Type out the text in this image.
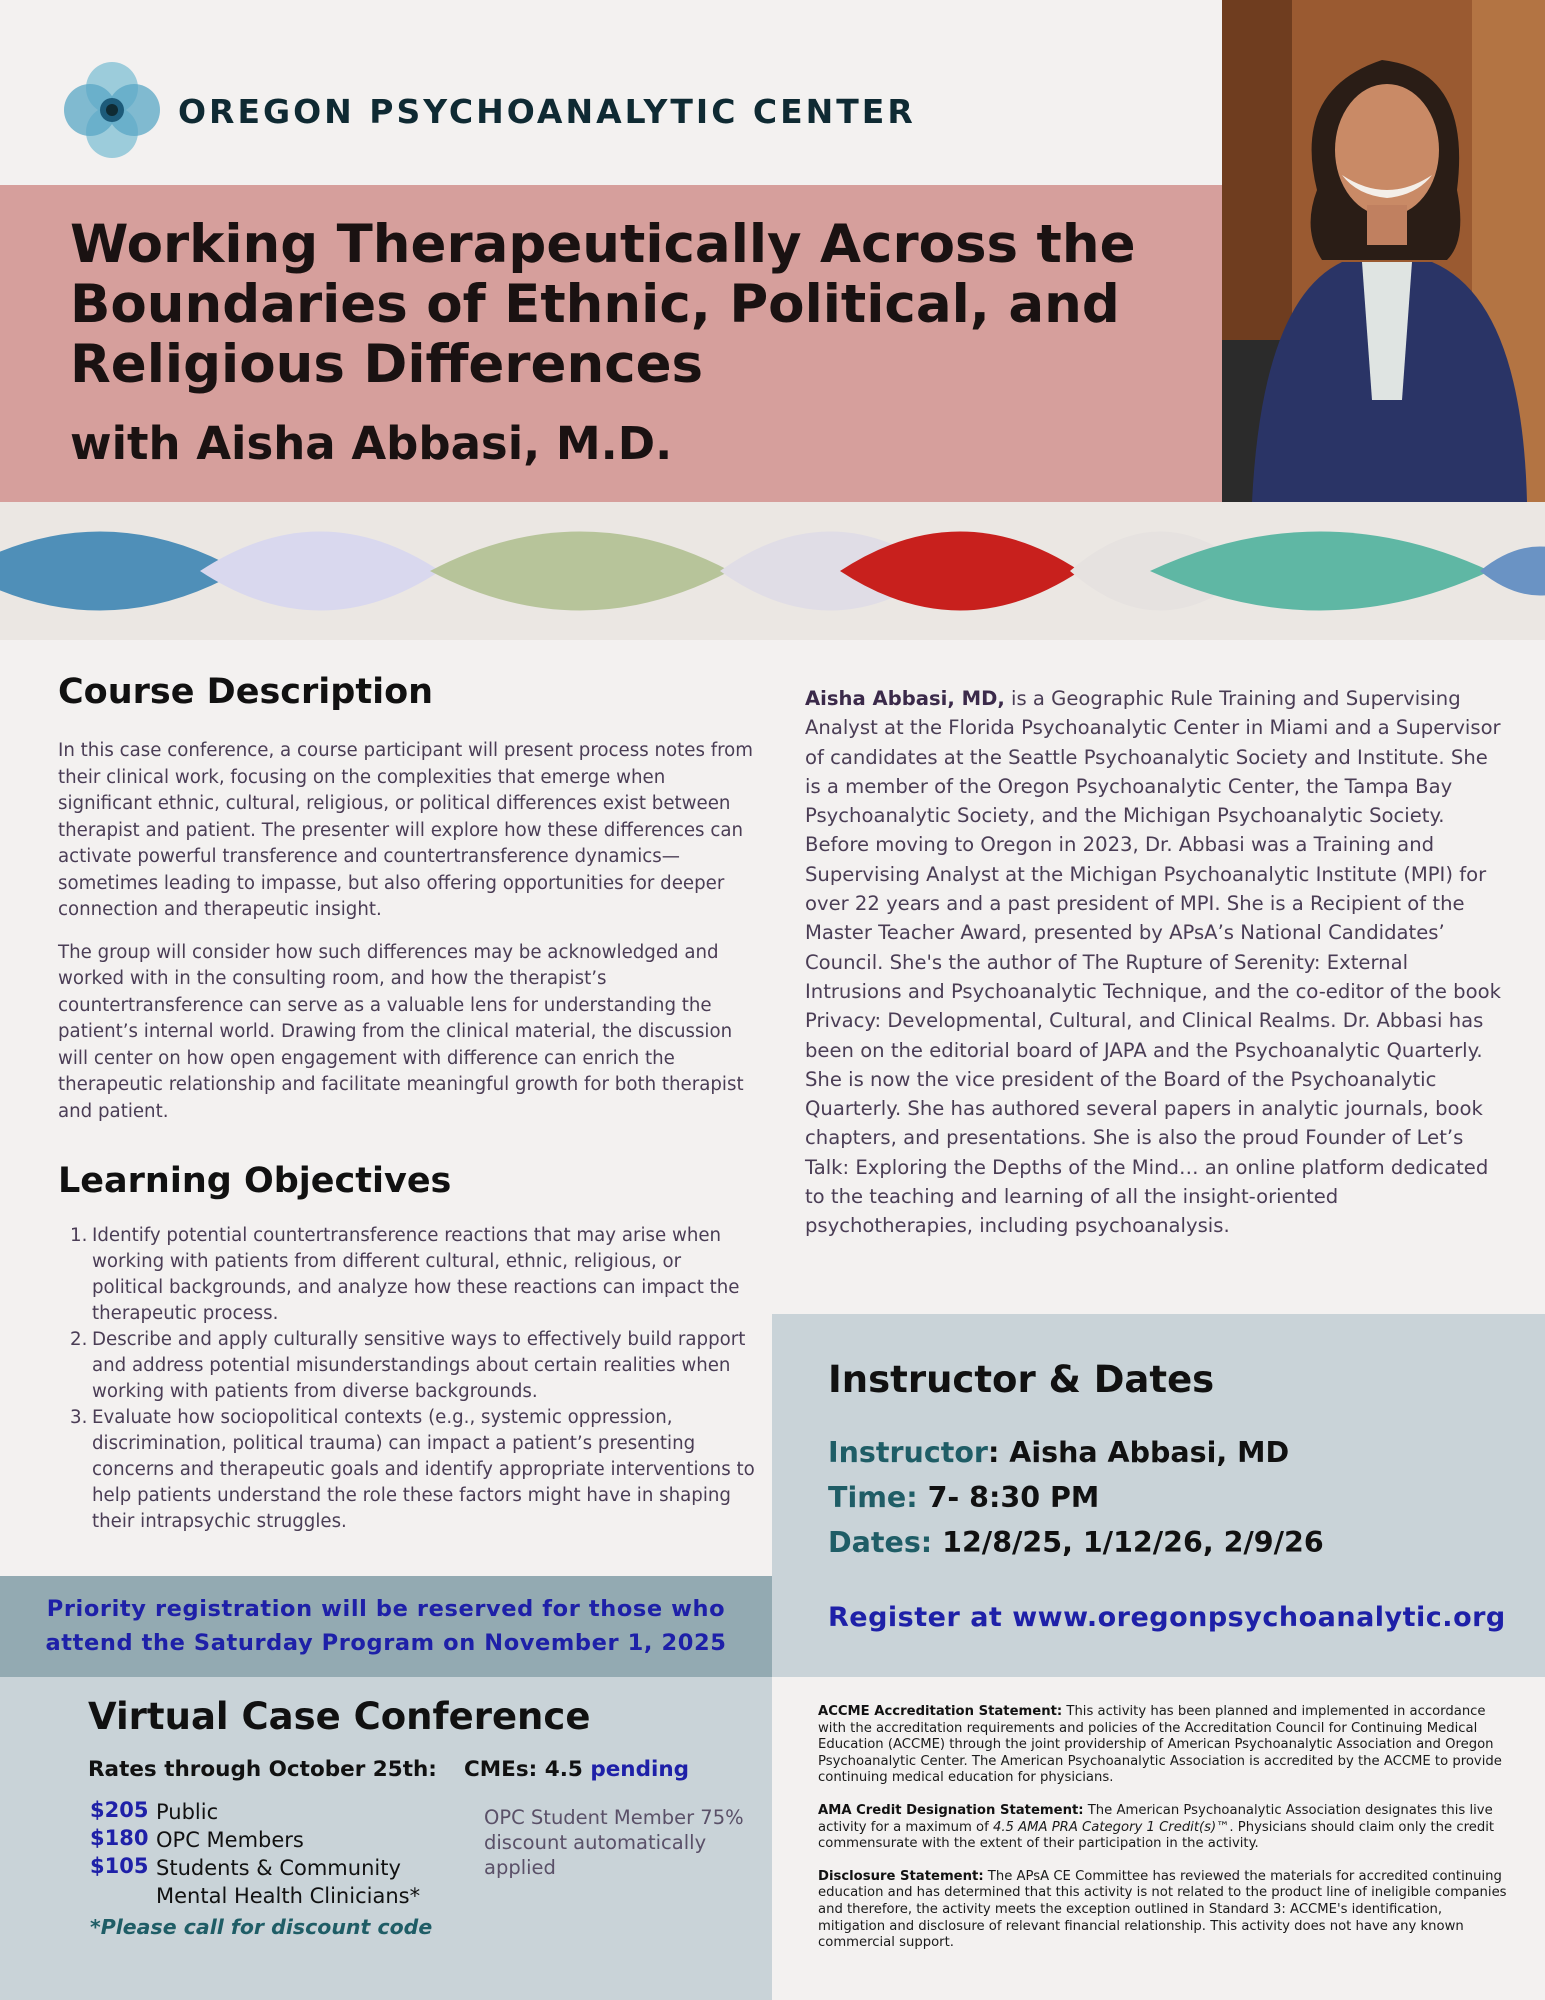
OREGON PSYCHOANALYTIC CENTER
Working Therapeutically Across the Boundaries of Ethnic, Political, and Religious Differences
with Aisha Abbasi, M.D.
Course Description

In this case conference, a course participant will present process notes from their clinical work, focusing on the complexities that emerge when significant ethnic, cultural, religious, or political differences exist between therapist and patient. The presenter will explore how these differences can activate powerful transference and countertransference dynamics—sometimes leading to impasse, but also offering opportunities for deeper connection and therapeutic insight.

The group will consider how such differences may be acknowledged and worked with in the consulting room, and how the therapist’s countertransference can serve as a valuable lens for understanding the patient’s internal world. Drawing from the clinical material, the discussion will center on how open engagement with difference can enrich the therapeutic relationship and facilitate meaningful growth for both therapist and patient.

Learning Objectives
1. Identify potential countertransference reactions that may arise when working with patients from different cultural, ethnic, religious, or political backgrounds, and analyze how these reactions can impact the therapeutic process.
2. Describe and apply culturally sensitive ways to effectively build rapport and address potential misunderstandings about certain realities when working with patients from diverse backgrounds.
3. Evaluate how sociopolitical contexts (e.g., systemic oppression, discrimination, political trauma) can impact a patient’s presenting concerns and therapeutic goals and identify appropriate interventions to help patients understand the role these factors might have in shaping their intrapsychic struggles.
Aisha Abbasi, MD, is a Geographic Rule Training and Supervising Analyst at the Florida Psychoanalytic Center in Miami and a Supervisor of candidates at the Seattle Psychoanalytic Society and Institute. She is a member of the Oregon Psychoanalytic Center, the Tampa Bay Psychoanalytic Society, and the Michigan Psychoanalytic Society. Before moving to Oregon in 2023, Dr. Abbasi was a Training and Supervising Analyst at the Michigan Psychoanalytic Institute (MPI) for over 22 years and a past president of MPI. She is a Recipient of the Master Teacher Award, presented by APsA’s National Candidates’ Council. She's the author of The Rupture of Serenity: External Intrusions and Psychoanalytic Technique, and the co-editor of the book Privacy: Developmental, Cultural, and Clinical Realms. Dr. Abbasi has been on the editorial board of JAPA and the Psychoanalytic Quarterly. She is now the vice president of the Board of the Psychoanalytic Quarterly. She has authored several papers in analytic journals, book chapters, and presentations. She is also the proud Founder of Let’s Talk: Exploring the Depths of the Mind… an online platform dedicated to the teaching and learning of all the insight-oriented psychotherapies, including psychoanalysis.
Instructor & Dates
Instructor: Aisha Abbasi, MD
Time: 7- 8:30 PM
Dates: 12/8/25, 1/12/26, 2/9/26
Register at www.oregonpsychoanalytic.org
Priority registration will be reserved for those who
attend the Saturday Program on November 1, 2025
Virtual Case Conference
Rates through October 25th: CMEs: 4.5 pending
$205 Public
$180 OPC Members
$105 Students & Community Mental Health Clinicians*
OPC Student Member 75% discount automatically applied
*Please call for discount code

ACCME Accreditation Statement: This activity has been planned and implemented in accordance with the accreditation requirements and policies of the Accreditation Council for Continuing Medical Education (ACCME) through the joint providership of American Psychoanalytic Association and Oregon Psychoanalytic Center. The American Psychoanalytic Association is accredited by the ACCME to provide continuing medical education for physicians.

AMA Credit Designation Statement: The American Psychoanalytic Association designates this live activity for a maximum of 4.5 AMA PRA Category 1 Credit(s)™. Physicians should claim only the credit commensurate with the extent of their participation in the activity.

Disclosure Statement: The APsA CE Committee has reviewed the materials for accredited continuing education and has determined that this activity is not related to the product line of ineligible companies and therefore, the activity meets the exception outlined in Standard 3: ACCME's identification, mitigation and disclosure of relevant financial relationship. This activity does not have any known commercial support.
